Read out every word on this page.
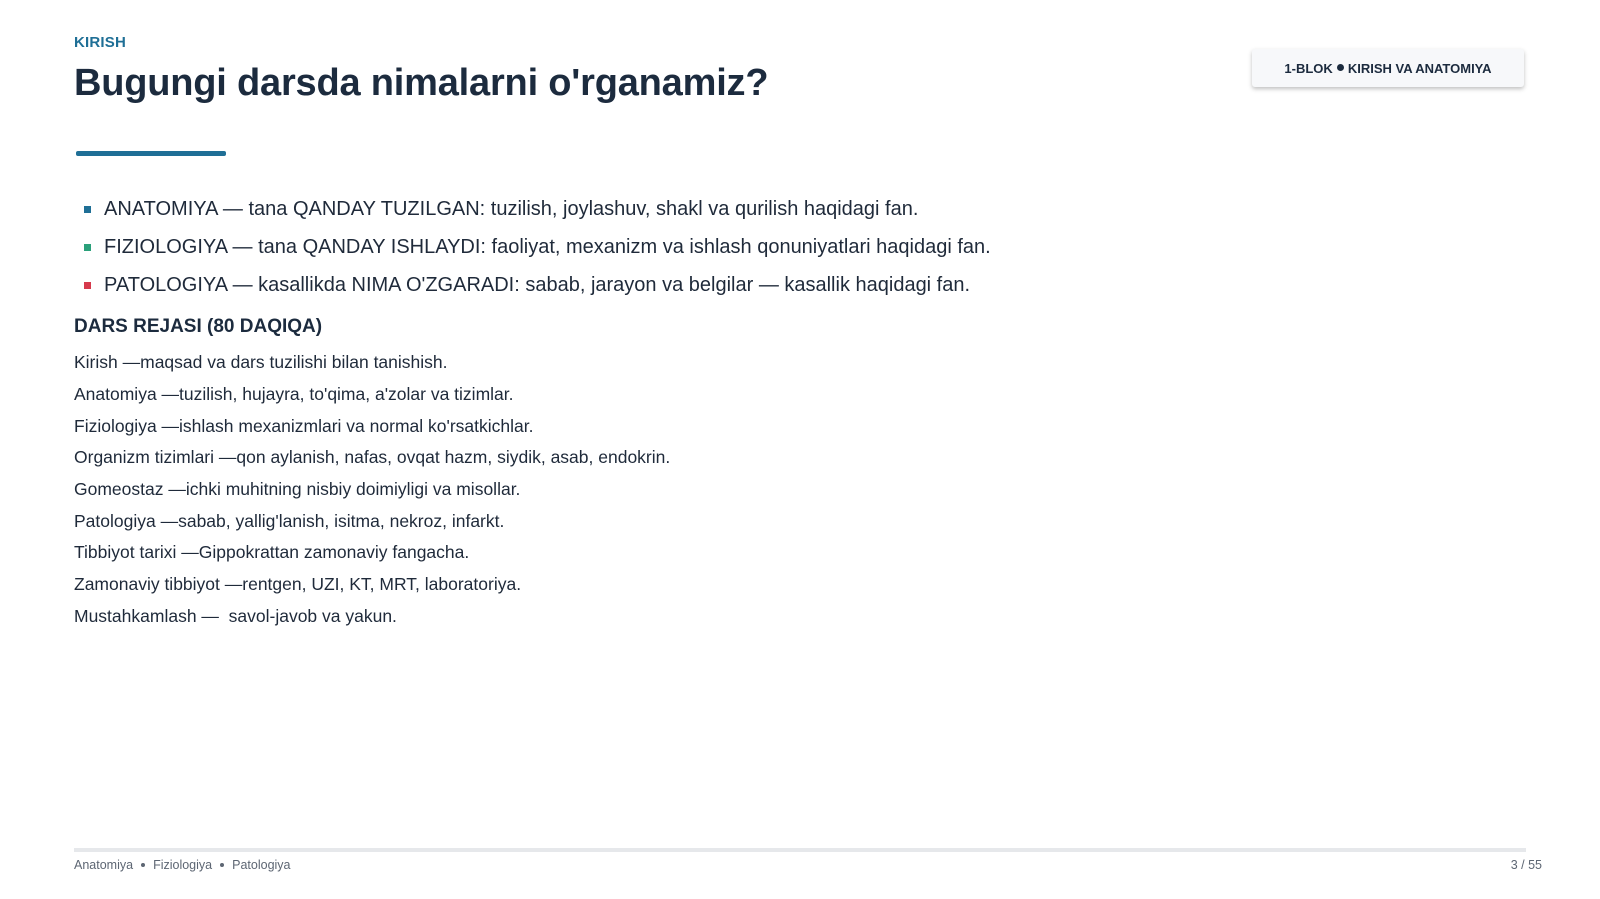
KIRISH
Bugungi darsda nimalarni o'rganamiz?	1-BLOK KIRISH VA ANATOMIYA
ANATOMIYA — tana QANDAY TUZILGAN: tuzilish, joylashuv, shakl va qurilish haqidagi fan.
FIZIOLOGIYA — tana QANDAY ISHLAYDI: faoliyat, mexanizm va ishlash qonuniyatlari haqidagi fan.
PATOLOGIYA — kasallikda NIMA O'ZGARADI: sabab, jarayon va belgilar — kasallik haqidagi fan.
DARS REJASI (80 DAQIQA)
Kirish —maqsad va dars tuzilishi bilan tanishish.
Anatomiya —tuzilish, hujayra, to'qima, a'zolar va tizimlar.
Fiziologiya —ishlash mexanizmlari va normal ko'rsatkichlar.
Organizm tizimlari —qon aylanish, nafas, ovqat hazm, siydik, asab, endokrin.
Gomeostaz —ichki muhitning nisbiy doimiyligi va misollar.
Patologiya —sabab, yallig'lanish, isitma, nekroz, infarkt.
Tibbiyot tarixi —Gippokrattan zamonaviy fangacha.
Zamonaviy tibbiyot —rentgen, UZI, KT, MRT, laboratoriya.
Mustahkamlash —  savol-javob va yakun.
Anatomiya Fiziologiya Patologiya	3 / 55
